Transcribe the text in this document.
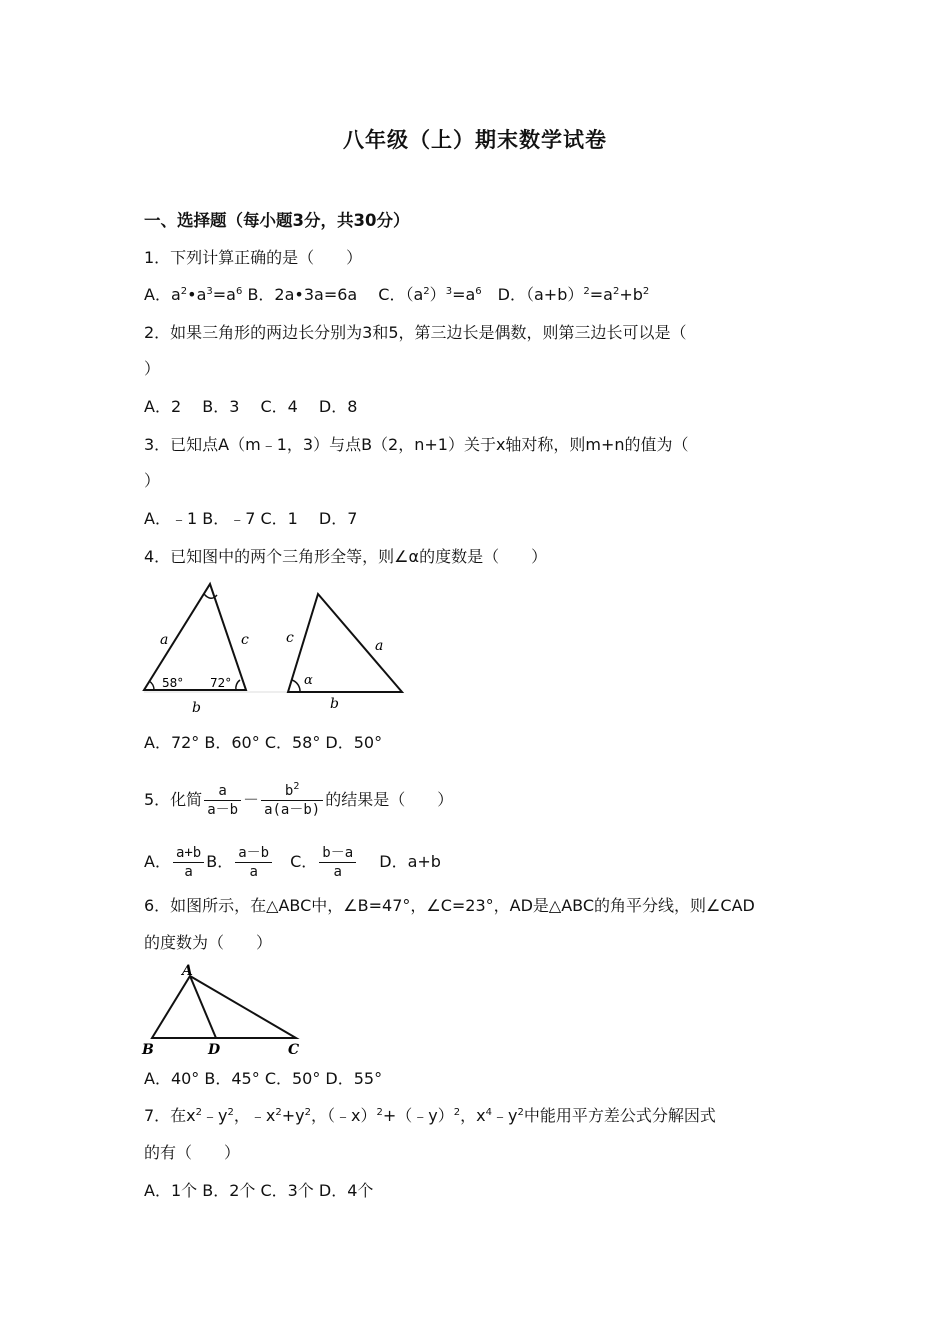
八年级（上）期末数学试卷
一、选择题（每小题3分，共30分）
1．下列计算正确的是（　　）
A．$a^2•a^3=a^6$ B．2a•3a=6a　 C．$(a^2)^3=a^6$　D．$(a+b)^2=a^2+b^2$
2．如果三角形的两边长分别为3和5，第三边长是偶数，则第三边长可以是（
）
A．2　 B．3　 C．4　 D．8
3．已知点A（m﹣1，3）与点B（2，n+1）关于x轴对称，则m+n的值为（
）
A．﹣1 B．﹣7 C．1　 D．7
4．已知图中的两个三角形全等，则∠α的度数是（　　）
a	c
b
58° 72°
c	a
b
α
A．72° B．60° C．58° D．50°
5．化简 $\frac{a}{a-b} - \frac{b^2}{a(a-b)}$ 的结果是（　　）
A． $\frac{a+b}{a}$ B． $\frac{a-b}{a}$
　 C． $\frac{b-a}{a}$
　 D．a+b
6．如图所示，在△ABC中，∠B=47°，∠C=23°，AD是△ABC的角平分线，则∠CAD
的度数为（　　）
A
B	D	C
A．40° B．45° C．50° D．55°
7．在$x^2﹣y^2$，$﹣x^2+y^2$，（﹣x）$^2$+（﹣y）$^2$，$x^4﹣y^2$中能用平方差公式分解因式
的有（　　）
A．1个 B．2个 C．3个 D．4个
